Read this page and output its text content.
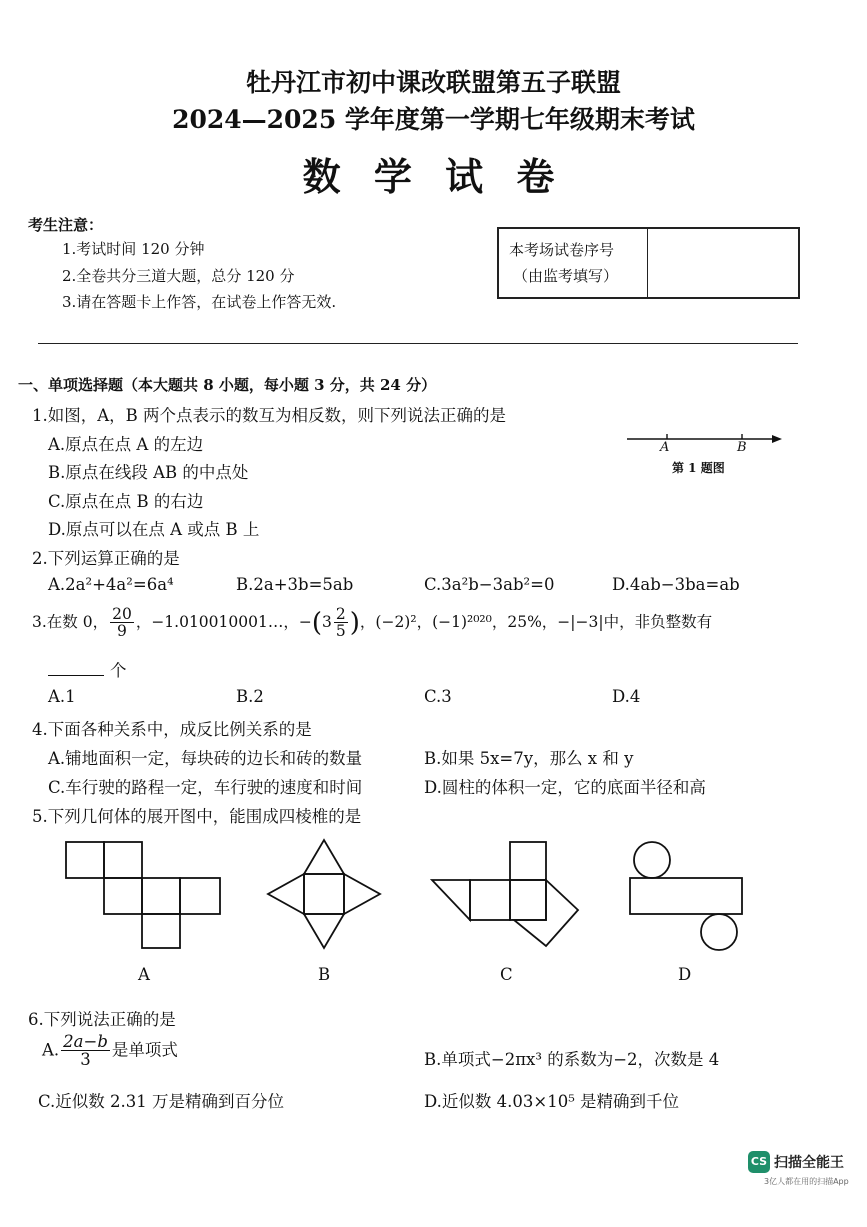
牡丹江市初中课改联盟第五子联盟
2024—2025 学年度第一学期七年级期末考试
数 学 试 卷
考生注意：
1.考试时间 120 分钟
2.全卷共分三道大题，总分 120 分
3.请在答题卡上作答，在试卷上作答无效.
本考场试卷序号
（由监考填写）
一、单项选择题（本大题共 8 小题，每小题 3 分，共 24 分）
1.如图，A，B 两个点表示的数互为相反数，则下列说法正确的是
A.原点在点 A 的左边
B.原点在线段 AB 的中点处
C.原点在点 B 的右边
D.原点可以在点 A 或点 B 上
A	B
第 1 题图
2.下列运算正确的是
A.2a²+4a²=6a⁴	B.2a+3b=5ab	C.3a²b−3ab²=0	D.4ab−3ba=ab
3.在数 0， $\frac{20}{9}$ ，−1.010010001…，$-(3 \frac{2}{5}$ )，(−2)²，(−1)²⁰²⁰，25%，−|−3|中，非负整数有
个
A.1	B.2	C.3	D.4
4.下面各种关系中，成反比例关系的是
A.铺地面积一定，每块砖的边长和砖的数量	B.如果 5x=7y，那么 x 和 y
C.车行驶的路程一定，车行驶的速度和时间	D.圆柱的体积一定，它的底面半径和高
5.下列几何体的展开图中，能围成四棱椎的是
A	B	C	D
6.下列说法正确的是
A. $\frac{2a-b}{3}$ 是单项式
B.单项式−2πx³ 的系数为−2，次数是 4
C.近似数 2.31 万是精确到百分位	D.近似数 4.03×10⁵ 是精确到千位
CS 扫描全能王
3亿人都在用的扫描App
